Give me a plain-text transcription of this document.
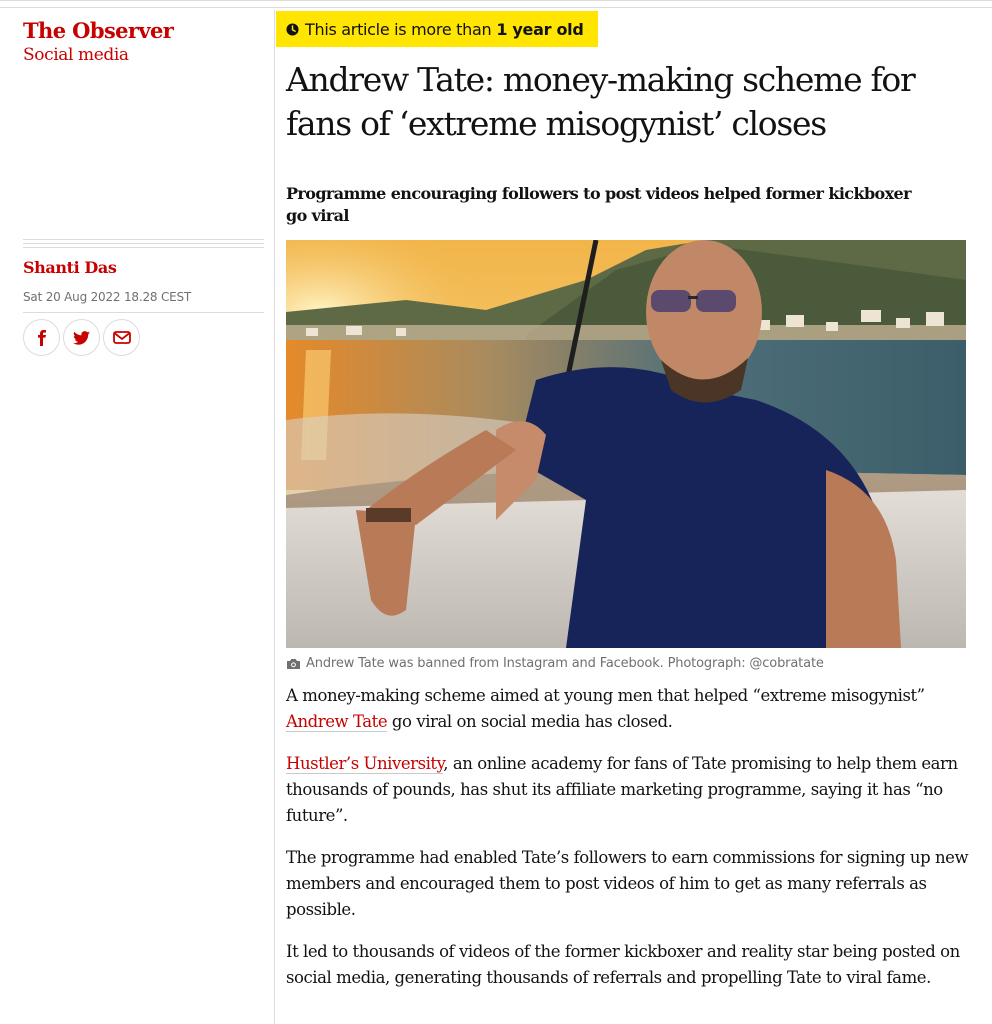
The Observer
Social media
Shanti Das
Sat 20 Aug 2022 18.28 CEST
This article is more than 1 year old
Andrew Tate: money-making scheme for fans of ‘extreme misogynist’ closes
Programme encouraging followers to post videos helped former kickboxer go viral
Andrew Tate was banned from Instagram and Facebook. Photograph: @cobratate

A money-making scheme aimed at young men that helped “extreme misogynist” Andrew Tate go viral on social media has closed.

Hustler’s University, an online academy for fans of Tate promising to help them earn thousands of pounds, has shut its affiliate marketing programme, saying it has “no future”.

The programme had enabled Tate’s followers to earn commissions for signing up new members and encouraged them to post videos of him to get as many referrals as possible.

It led to thousands of videos of the former kickboxer and reality star being posted on social media, generating thousands of referrals and propelling Tate to viral fame.
